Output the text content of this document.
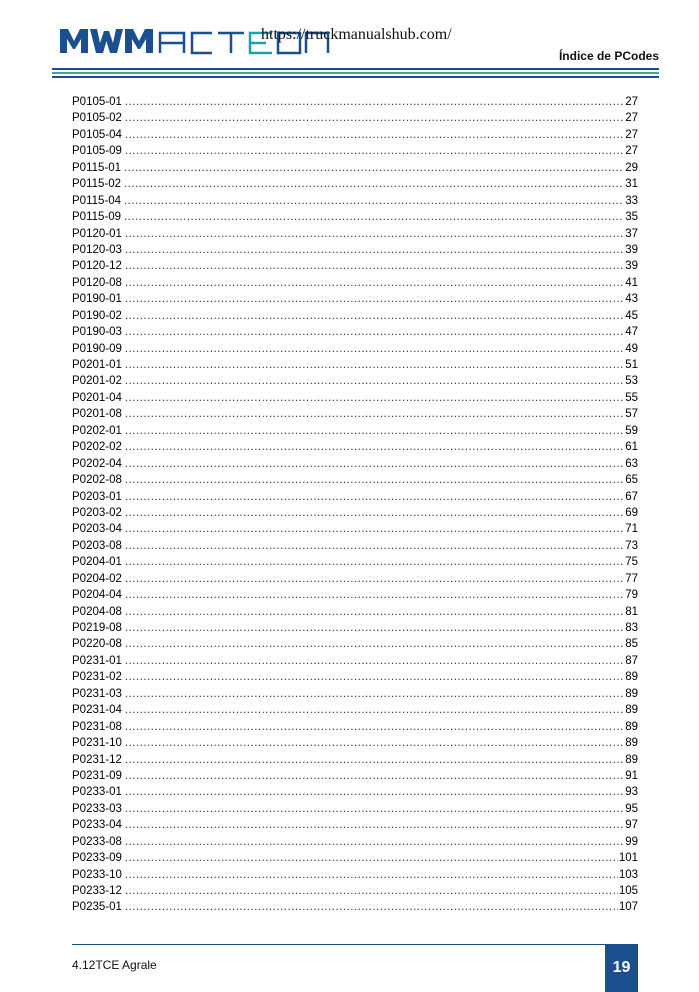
https://truckmanualshub.com/
Índice de PCodes
P0105-01 .....	27
P0105-02 .....	27
P0105-04 .....	27
P0105-09 .....	27
P0115-01 .....	29
P0115-02 .....	31
P0115-04 .....	33
P0115-09 .....	35
P0120-01 .....	37
P0120-03 .....	39
P0120-12 .....	39
P0120-08 .....	41
P0190-01 .....	43
P0190-02 .....	45
P0190-03 .....	47
P0190-09 .....	49
P0201-01 .....	51
P0201-02 .....	53
P0201-04 .....	55
P0201-08 .....	57
P0202-01 .....	59
P0202-02 .....	61
P0202-04 .....	63
P0202-08 .....	65
P0203-01 .....	67
P0203-02 .....	69
P0203-04 .....	71
P0203-08 .....	73
P0204-01 .....	75
P0204-02 .....	77
P0204-04 .....	79
P0204-08 .....	81
P0219-08 .....	83
P0220-08 .....	85
P0231-01 .....	87
P0231-02 .....	89
P0231-03 .....	89
P0231-04 .....	89
P0231-08 .....	89
P0231-10 .....	89
P0231-12 .....	89
P0231-09 .....	91
P0233-01 .....	93
P0233-03 .....	95
P0233-04 .....	97
P0233-08 .....	99
P0233-09 .....	101
P0233-10 .....	103
P0233-12 .....	105
P0235-01 .....	107
4.12TCE Agrale	19
